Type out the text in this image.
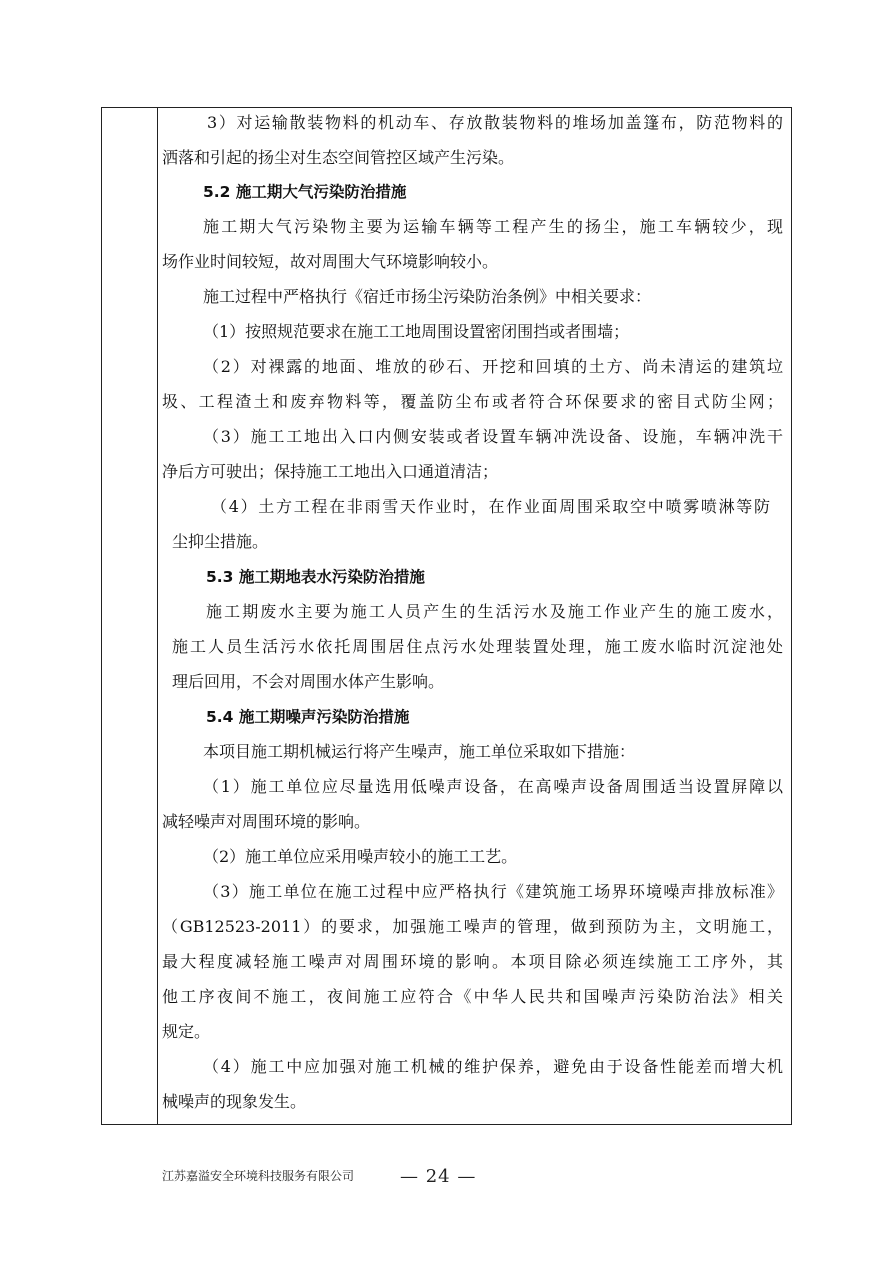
3）对运输散装物料的机动车、存放散装物料的堆场加盖篷布，防范物料的
洒落和引起的扬尘对生态空间管控区域产生污染。
5.2 施工期大气污染防治措施
施工期大气污染物主要为运输车辆等工程产生的扬尘，施工车辆较少，现
场作业时间较短，故对周围大气环境影响较小。
施工过程中严格执行《宿迁市扬尘污染防治条例》中相关要求：
（1）按照规范要求在施工工地周围设置密闭围挡或者围墙；
（2）对裸露的地面、堆放的砂石、开挖和回填的土方、尚未清运的建筑垃
圾、工程渣土和废弃物料等，覆盖防尘布或者符合环保要求的密目式防尘网；
（3）施工工地出入口内侧安装或者设置车辆冲洗设备、设施，车辆冲洗干
净后方可驶出；保持施工工地出入口通道清洁；
（4）土方工程在非雨雪天作业时，在作业面周围采取空中喷雾喷淋等防
尘抑尘措施。
5.3 施工期地表水污染防治措施
施工期废水主要为施工人员产生的生活污水及施工作业产生的施工废水，
施工人员生活污水依托周围居住点污水处理装置处理，施工废水临时沉淀池处
理后回用，不会对周围水体产生影响。
5.4 施工期噪声污染防治措施
本项目施工期机械运行将产生噪声，施工单位采取如下措施：
（1）施工单位应尽量选用低噪声设备，在高噪声设备周围适当设置屏障以
减轻噪声对周围环境的影响。
（2）施工单位应采用噪声较小的施工工艺。
（3）施工单位在施工过程中应严格执行《建筑施工场界环境噪声排放标准》
（GB12523-2011）的要求，加强施工噪声的管理，做到预防为主，文明施工，
最大程度减轻施工噪声对周围环境的影响。本项目除必须连续施工工序外，其
他工序夜间不施工，夜间施工应符合《中华人民共和国噪声污染防治法》相关
规定。
（4）施工中应加强对施工机械的维护保养，避免由于设备性能差而增大机
械噪声的现象发生。
江苏嘉溢安全环境科技服务有限公司	— 24 —
